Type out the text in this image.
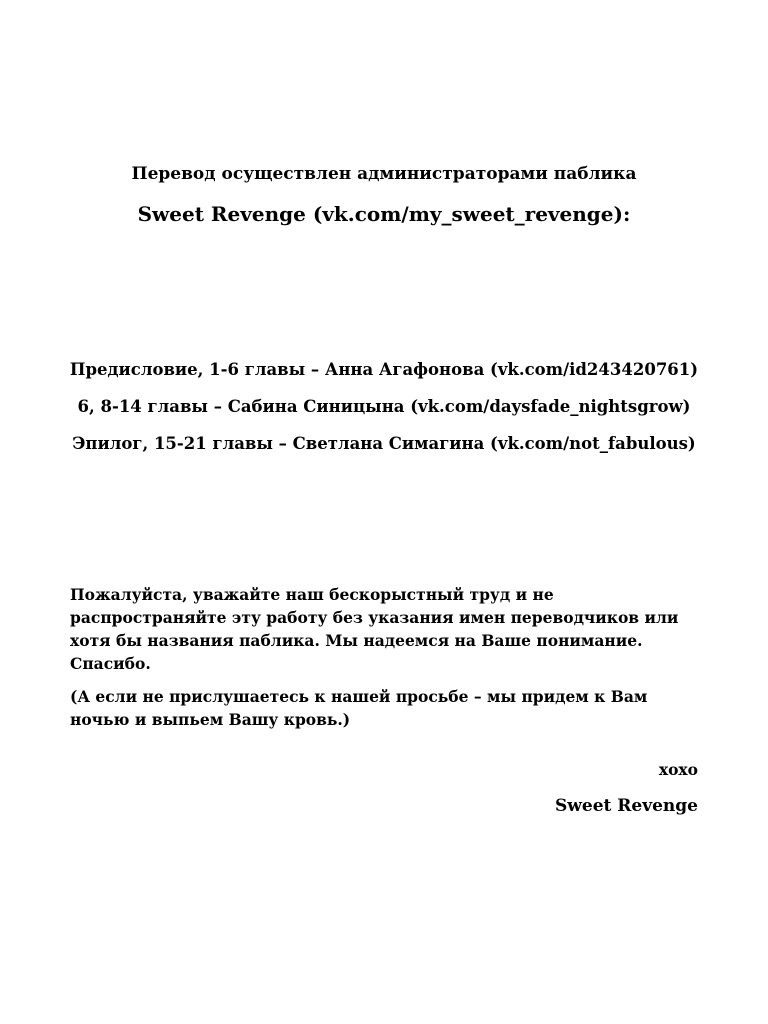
Перевод осуществлен администраторами паблика
Sweet Revenge (vk.com/my_sweet_revenge):
Предисловие, 1-6 главы – Анна Агафонова (vk.com/id243420761)
6, 8-14 главы – Сабина Синицына (vk.com/daysfade_nightsgrow)
Эпилог, 15-21 главы – Светлана Симагина (vk.com/not_fabulous)

Пожалуйста, уважайте наш бескорыстный труд и не распространяйте эту работу без указания имен переводчиков или хотя бы названия паблика. Мы надеемся на Ваше понимание. Спасибо.

(А если не прислушаетесь к нашей просьбе – мы придем к Вам ночью и выпьем Вашу кровь.)

xoxo
Sweet Revenge
